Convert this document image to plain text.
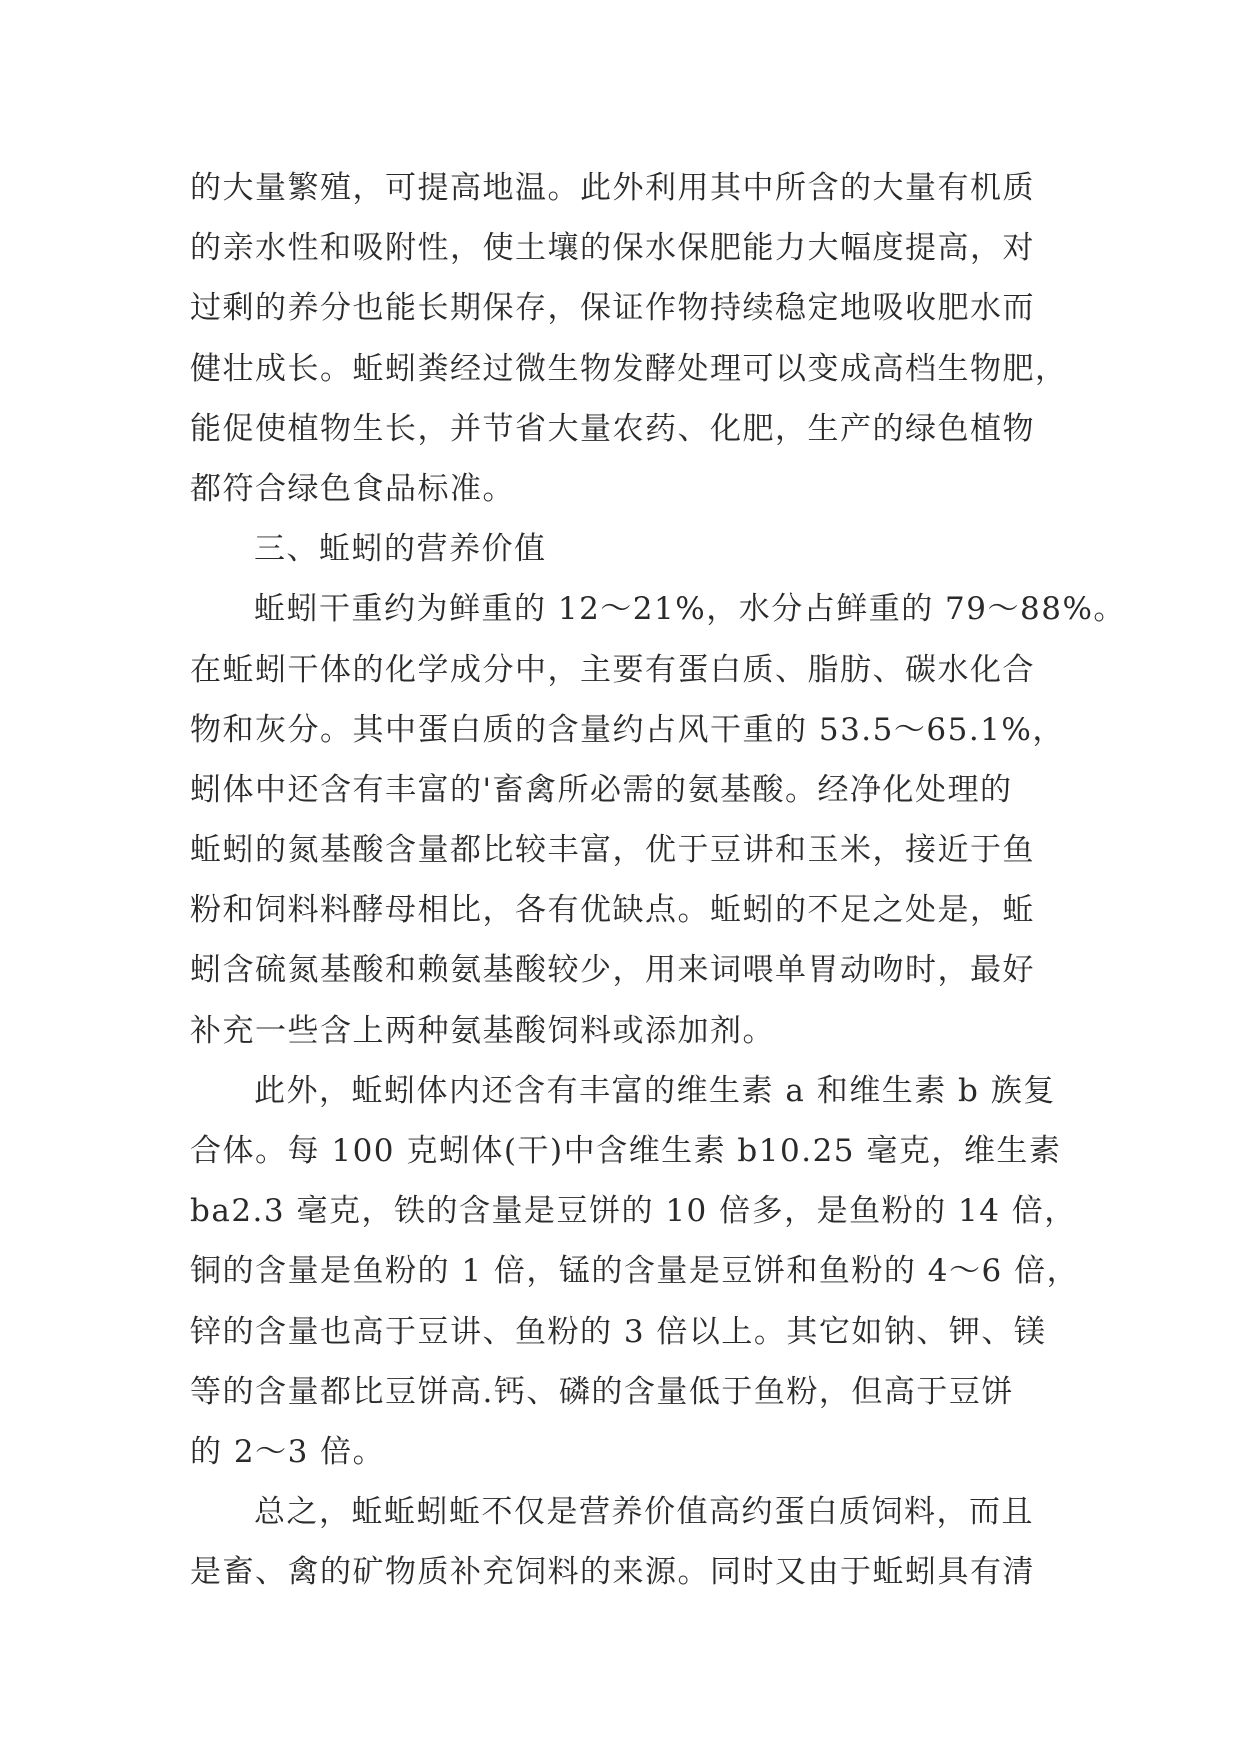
的大量繁殖，可提高地温。此外利用其中所含的大量有机质
的亲水性和吸附性，使土壤的保水保肥能力大幅度提高，对
过剩的养分也能长期保存，保证作物持续稳定地吸收肥水而
健壮成长。蚯蚓粪经过微生物发酵处理可以变成高档生物肥，
能促使植物生长，并节省大量农药、化肥，生产的绿色植物
都符合绿色食品标准。
三、蚯蚓的营养价值
蚯蚓干重约为鲜重的 12～21%，水分占鲜重的 79～88%。
在蚯蚓干体的化学成分中，主要有蛋白质、脂肪、碳水化合
物和灰分。其中蛋白质的含量约占风干重的 53.5～65.1%，
蚓体中还含有丰富的'畜禽所必需的氨基酸。经净化处理的
蚯蚓的氮基酸含量都比较丰富，优于豆讲和玉米，接近于鱼
粉和饲料料酵母相比，各有优缺点。蚯蚓的不足之处是，蚯
蚓含硫氮基酸和赖氨基酸较少，用来词喂单胃动吻时，最好
补充一些含上两种氨基酸饲料或添加剂。
此外，蚯蚓体内还含有丰富的维生素 a 和维生素 b 族复
合体。每 100 克蚓体(干)中含维生素 b10.25 毫克，维生素
ba2.3 毫克，铁的含量是豆饼的 10 倍多，是鱼粉的 14 倍，
铜的含量是鱼粉的 1 倍，锰的含量是豆饼和鱼粉的 4～6 倍，
锌的含量也高于豆讲、鱼粉的 3 倍以上。其它如钠、钾、镁
等的含量都比豆饼高.钙、磷的含量低于鱼粉，但高于豆饼
的 2～3 倍。
总之，蚯蚯蚓蚯不仅是营养价值高约蛋白质饲料，而且
是畜、禽的矿物质补充饲料的来源。同时又由于蚯蚓具有清
